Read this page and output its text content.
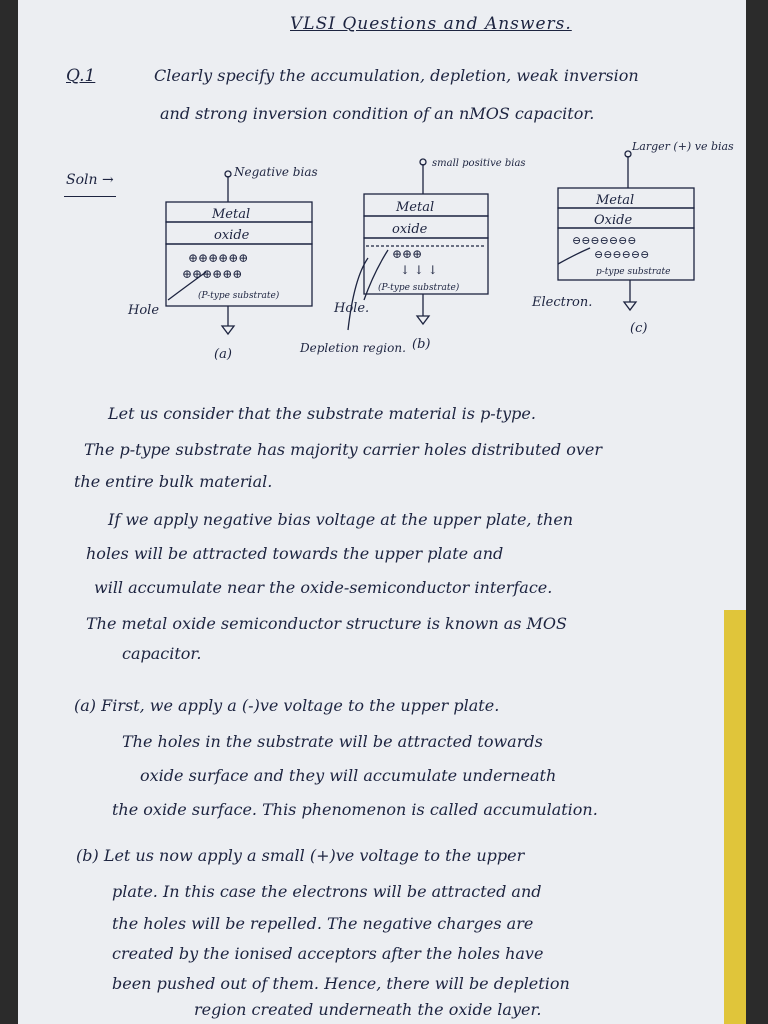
VLSI Questions and Answers.
Q.1	Clearly specify the accumulation, depletion, weak inversion
and strong inversion condition of an nMOS capacitor.
Soln →	Negative bias
Metal
oxide
⊕⊕⊕⊕⊕⊕
⊕⊕⊕⊕⊕⊕
(P-type substrate)
Hole
(a)
small positive bias
Metal
oxide
⊕⊕⊕
↓ ↓ ↓
(P-type substrate)
Hole.
Depletion region. (b)
Larger (+) ve bias
Metal
Oxide
⊖⊖⊖⊖⊖⊖⊖
⊖⊖⊖⊖⊖⊖
p-type substrate
Electron.
(c)
Let us consider that the substrate material is p-type.
The p-type substrate has majority carrier holes distributed over
the entire bulk material.
If we apply negative bias voltage at the upper plate, then
holes will be attracted towards the upper plate and
will accumulate near the oxide-semiconductor interface.
The metal oxide semiconductor structure is known as MOS
capacitor.
(a) First, we apply a (-)ve voltage to the upper plate.
The holes in the substrate will be attracted towards
oxide surface and they will accumulate underneath
the oxide surface. This phenomenon is called accumulation.
(b) Let us now apply a small (+)ve voltage to the upper
plate. In this case the electrons will be attracted and
the holes will be repelled. The negative charges are
created by the ionised acceptors after the holes have
been pushed out of them. Hence, there will be depletion
region created underneath the oxide layer.
